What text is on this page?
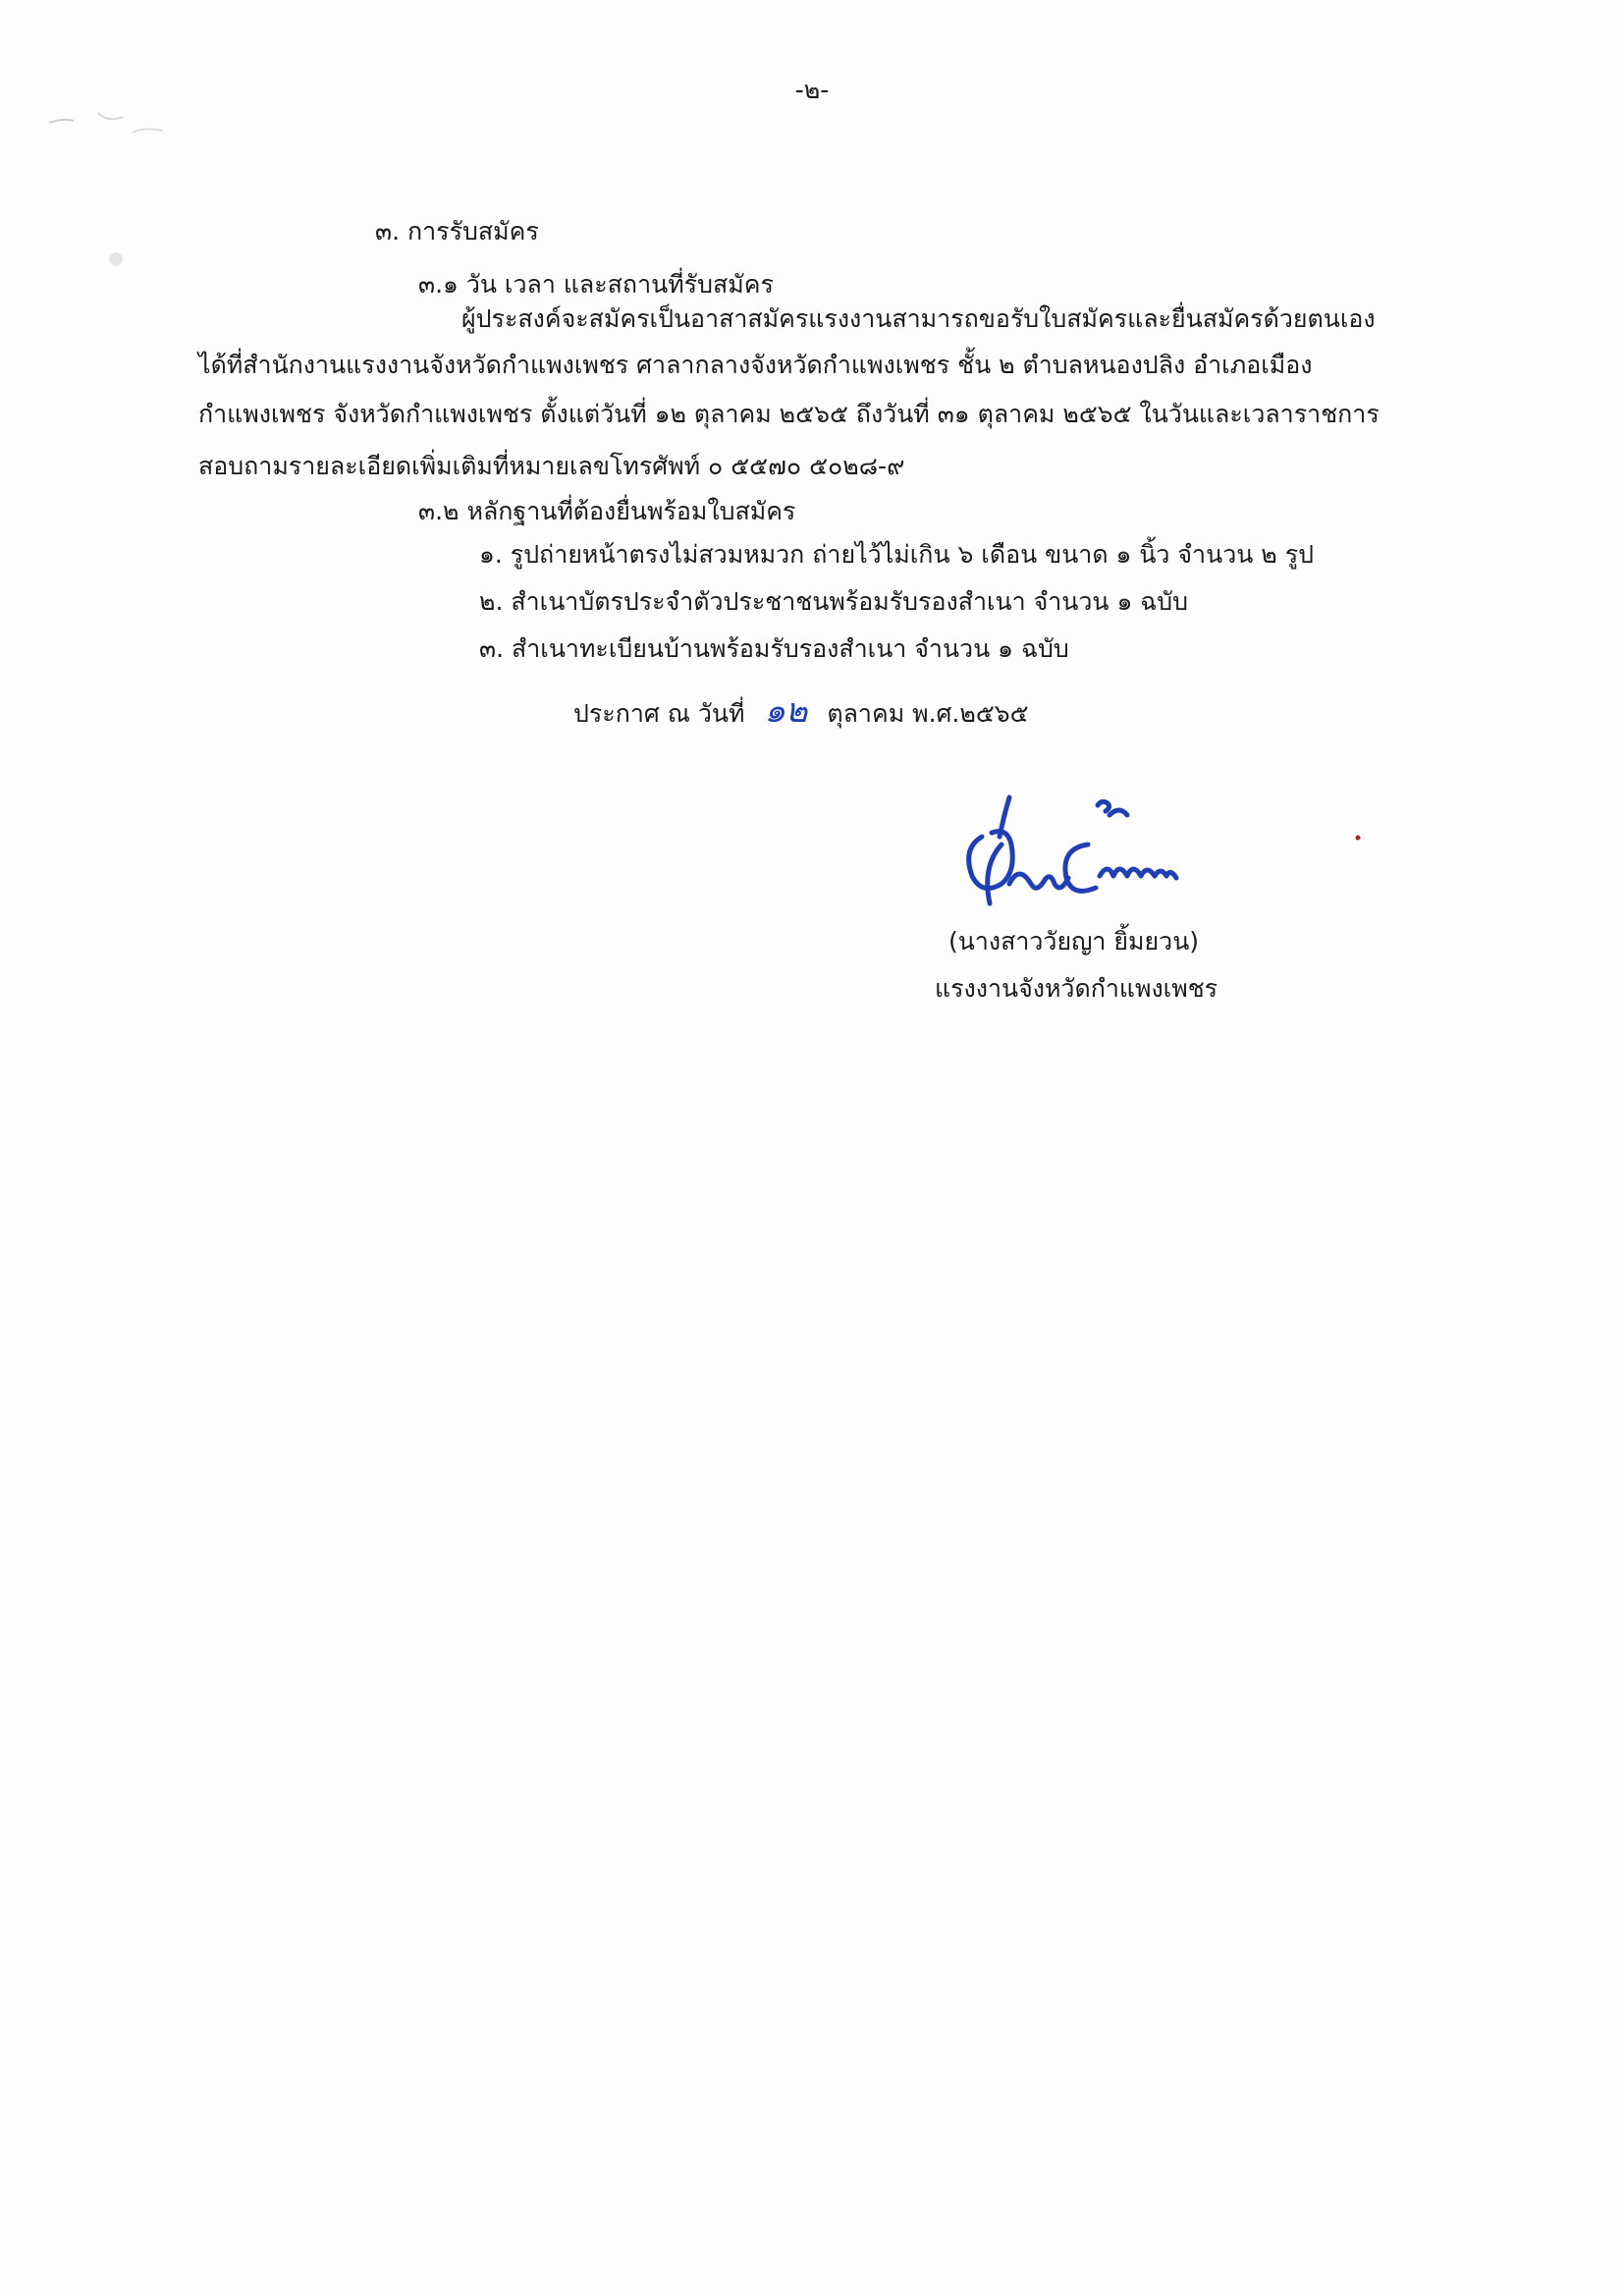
-๒-
๓. การรับสมัคร
๓.๑ วัน เวลา และสถานที่รับสมัคร
ผู้ประสงค์จะสมัครเป็นอาสาสมัครแรงงานสามารถขอรับใบสมัครและยื่นสมัครด้วยตนเอง
ได้ที่สำนักงานแรงงานจังหวัดกำแพงเพชร ศาลากลางจังหวัดกำแพงเพชร ชั้น ๒ ตำบลหนองปลิง อำเภอเมือง
กำแพงเพชร จังหวัดกำแพงเพชร ตั้งแต่วันที่ ๑๒ ตุลาคม ๒๕๖๕ ถึงวันที่ ๓๑ ตุลาคม ๒๕๖๕ ในวันและเวลาราชการ
สอบถามรายละเอียดเพิ่มเติมที่หมายเลขโทรศัพท์ ๐ ๕๕๗๐ ๕๐๒๘-๙
๓.๒ หลักฐานที่ต้องยื่นพร้อมใบสมัคร
๑. รูปถ่ายหน้าตรงไม่สวมหมวก ถ่ายไว้ไม่เกิน ๖ เดือน ขนาด ๑ นิ้ว จำนวน ๒ รูป
๒. สำเนาบัตรประจำตัวประชาชนพร้อมรับรองสำเนา จำนวน ๑ ฉบับ
๓. สำเนาทะเบียนบ้านพร้อมรับรองสำเนา จำนวน ๑ ฉบับ
ประกาศ ณ วันที่ ๑๒ ตุลาคม พ.ศ.๒๕๖๕
(นางสาววัยญา ยิ้มยวน)
แรงงานจังหวัดกำแพงเพชร
